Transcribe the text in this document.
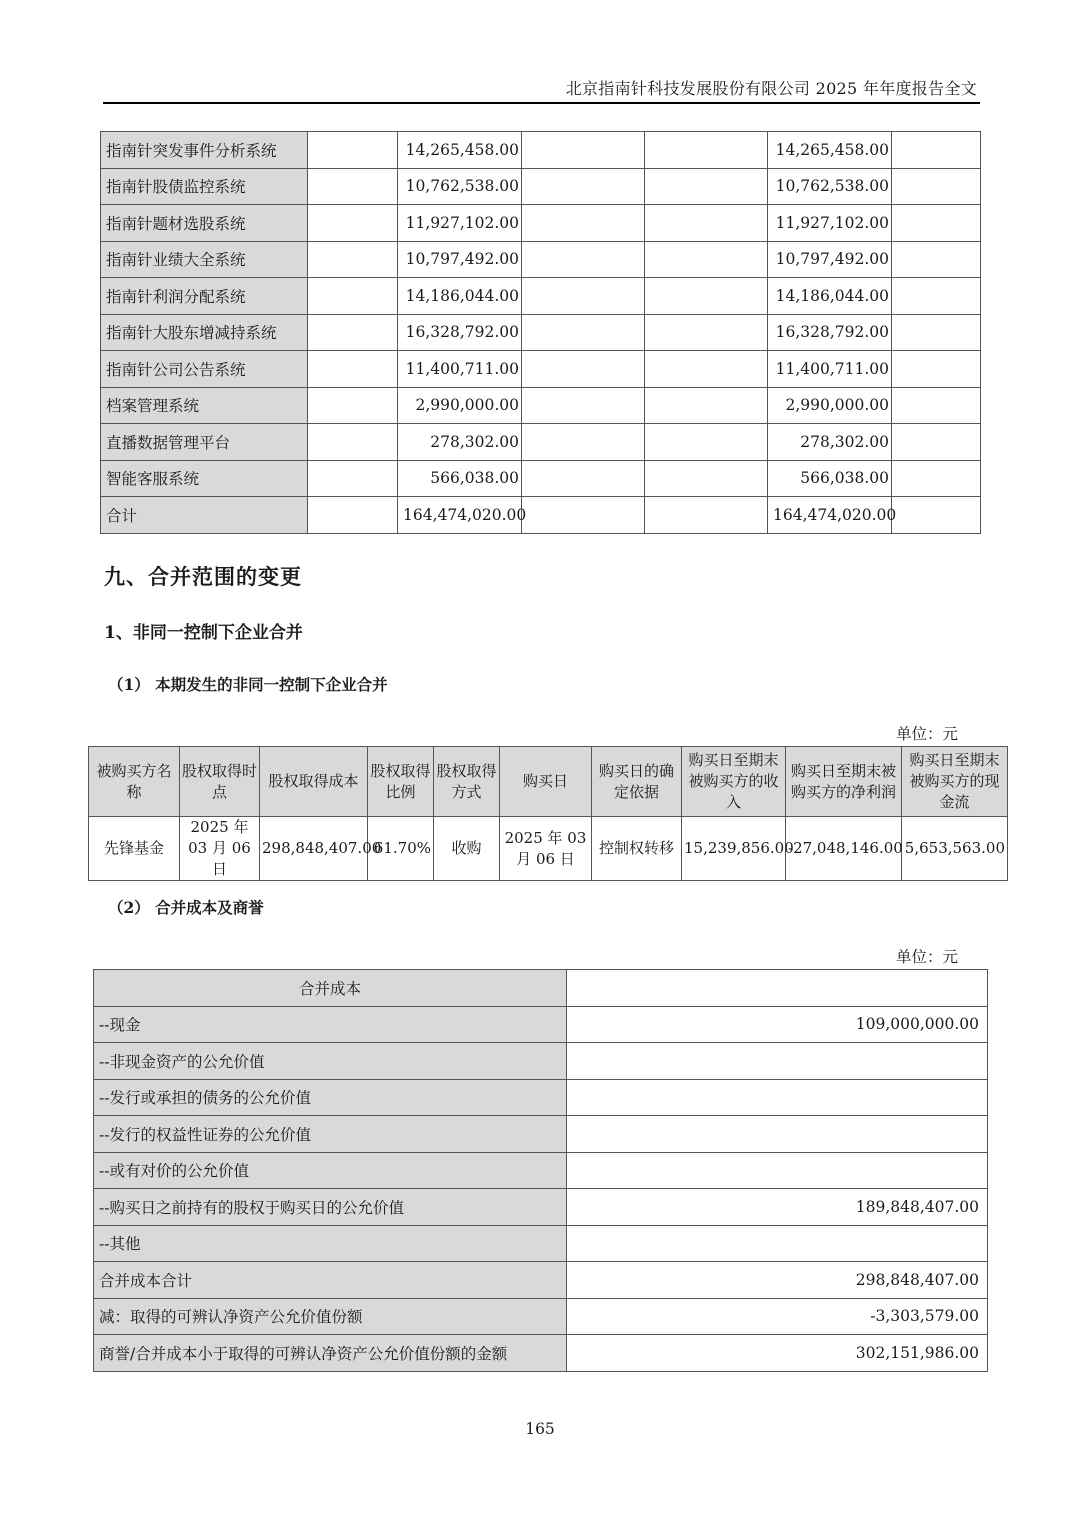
北京指南针科技发展股份有限公司 2025 年年度报告全文
指南针突发事件分析系统		14,265,458.00			14,265,458.00	
指南针股债监控系统		10,762,538.00			10,762,538.00	
指南针题材选股系统		11,927,102.00			11,927,102.00	
指南针业绩大全系统		10,797,492.00			10,797,492.00	
指南针利润分配系统		14,186,044.00			14,186,044.00	
指南针大股东增减持系统		16,328,792.00			16,328,792.00	
指南针公司公告系统		11,400,711.00			11,400,711.00	
档案管理系统		2,990,000.00			2,990,000.00	
直播数据管理平台		278,302.00			278,302.00	
智能客服系统		566,038.00			566,038.00	
合计		164,474,020.00			164,474,020.00	
九、合并范围的变更
1、非同一控制下企业合并
（1） 本期发生的非同一控制下企业合并
单位：元
被购买方名称	股权取得时点	股权取得成本	股权取得比例	股权取得方式	购买日	购买日的确定依据	购买日至期末被购买方的收入	购买日至期末被购买方的净利润	购买日至期末被购买方的现金流
先锋基金	2025 年 03 月 06 日	298,848,407.00	61.70%	收购	2025 年 03 月 06 日	控制权转移	15,239,856.00	-27,048,146.00	5,653,563.00
（2） 合并成本及商誉
单位：元
合并成本	
--现金	109,000,000.00
--非现金资产的公允价值	
--发行或承担的债务的公允价值	
--发行的权益性证券的公允价值	
--或有对价的公允价值	
--购买日之前持有的股权于购买日的公允价值	189,848,407.00
--其他	
合并成本合计	298,848,407.00
减：取得的可辨认净资产公允价值份额	-3,303,579.00
商誉/合并成本小于取得的可辨认净资产公允价值份额的金额	302,151,986.00
165
